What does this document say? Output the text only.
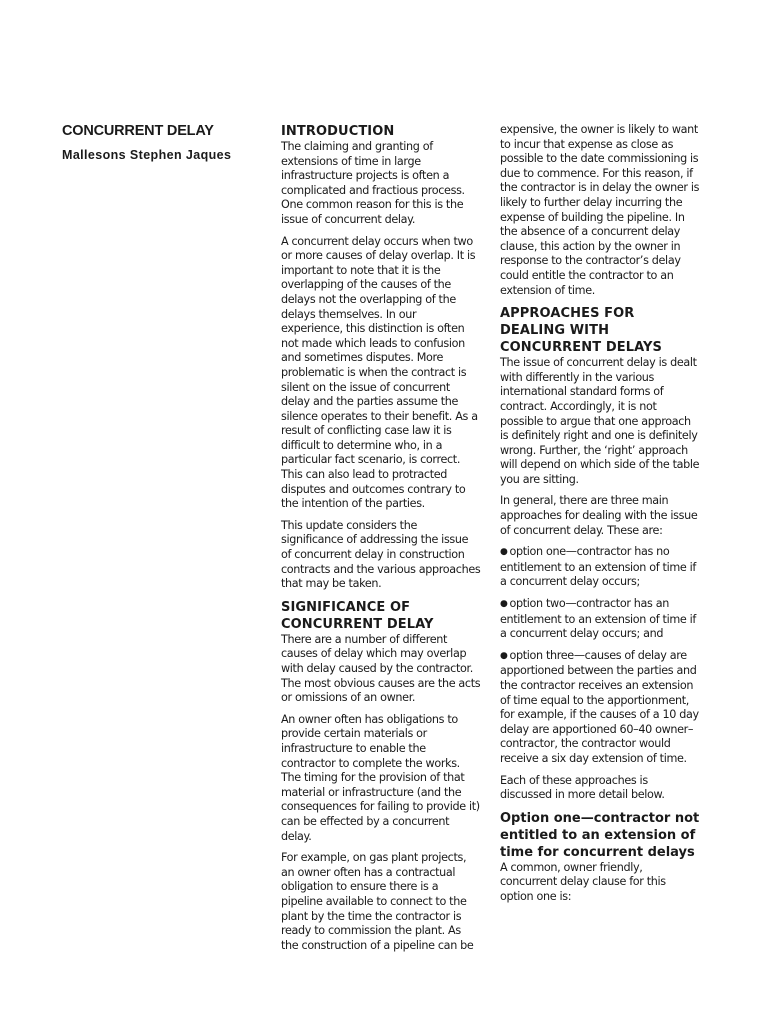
CONCURRENT DELAY
Mallesons Stephen Jaques
INTRODUCTION

The claiming and granting of extensions of time in large infrastructure projects is often a complicated and fractious process. One common reason for this is the issue of concurrent delay.

A concurrent delay occurs when two or more causes of delay overlap. It is important to note that it is the overlapping of the causes of the delays not the overlapping of the delays themselves. In our experience, this distinction is often not made which leads to confusion and sometimes disputes. More problematic is when the contract is silent on the issue of concurrent delay and the parties assume the silence operates to their benefit. As a result of conflicting case law it is difficult to determine who, in a particular fact scenario, is correct. This can also lead to protracted disputes and outcomes contrary to the intention of the parties.

This update considers the significance of addressing the issue of concurrent delay in construction contracts and the various approaches that may be taken.

SIGNIFICANCE OF CONCURRENT DELAY

There are a number of different causes of delay which may overlap with delay caused by the contractor. The most obvious causes are the acts or omissions of an owner.

An owner often has obligations to provide certain materials or infrastructure to enable the contractor to complete the works. The timing for the provision of that material or infrastructure (and the consequences for failing to provide it) can be effected by a concurrent delay.

For example, on gas plant projects, an owner often has a contractual obligation to ensure there is a pipeline available to connect to the plant by the time the contractor is ready to commission the plant. As the construction of a pipeline can be

expensive, the owner is likely to want to incur that expense as close as possible to the date commissioning is due to commence. For this reason, if the contractor is in delay the owner is likely to further delay incurring the expense of building the pipeline. In the absence of a concurrent delay clause, this action by the owner in response to the contractor’s delay could entitle the contractor to an extension of time.

APPROACHES FOR DEALING WITH CONCURRENT DELAYS

The issue of concurrent delay is dealt with differently in the various international standard forms of contract. Accordingly, it is not possible to argue that one approach is definitely right and one is definitely wrong. Further, the ‘right’ approach will depend on which side of the table you are sitting.

In general, there are three main approaches for dealing with the issue of concurrent delay. These are:

● option one—contractor has no entitlement to an extension of time if a concurrent delay occurs;

● option two—contractor has an entitlement to an extension of time if a concurrent delay occurs; and

● option three—causes of delay are apportioned between the parties and the contractor receives an extension of time equal to the apportionment, for example, if the causes of a 10 day delay are apportioned 60–40 owner–contractor, the contractor would receive a six day extension of time.

Each of these approaches is discussed in more detail below.

Option one—contractor not entitled to an extension of time for concurrent delays

A common, owner friendly, concurrent delay clause for this option one is:
